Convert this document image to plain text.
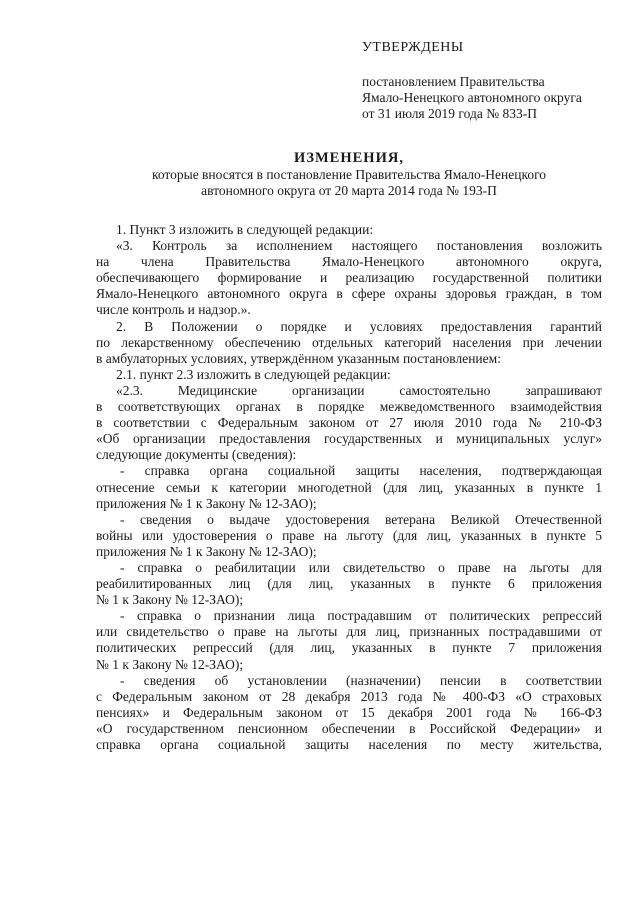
УТВЕРЖДЕНЫ
постановлением Правительства
Ямало-Ненецкого автономного округа
от 31 июля 2019 года № 833-П
ИЗМЕНЕНИЯ,
которые вносятся в постановление Правительства Ямало-Ненецкого
автономного округа от 20 марта 2014 года № 193-П
1. Пункт 3 изложить в следующей редакции:
«3. Контроль за исполнением настоящего постановления возложить
на члена Правительства Ямало-Ненецкого автономного округа,
обеспечивающего формирование и реализацию государственной политики
Ямало-Ненецкого автономного округа в сфере охраны здоровья граждан, в том
числе контроль и надзор.».
2. В Положении о порядке и условиях предоставления гарантий
по лекарственному обеспечению отдельных категорий населения при лечении
в амбулаторных условиях, утверждённом указанным постановлением:
2.1. пункт 2.3 изложить в следующей редакции:
«2.3. Медицинские организации самостоятельно запрашивают
в соответствующих органах в порядке межведомственного взаимодействия
в соответствии с Федеральным законом от 27 июля 2010 года № 210-ФЗ
«Об организации предоставления государственных и муниципальных услуг»
следующие документы (сведения):
- справка органа социальной защиты населения, подтверждающая
отнесение семьи к категории многодетной (для лиц, указанных в пункте 1
приложения № 1 к Закону № 12-ЗАО);
- сведения о выдаче удостоверения ветерана Великой Отечественной
войны или удостоверения о праве на льготу (для лиц, указанных в пункте 5
приложения № 1 к Закону № 12-ЗАО);
- справка о реабилитации или свидетельство о праве на льготы для
реабилитированных лиц (для лиц, указанных в пункте 6 приложения
№ 1 к Закону № 12-ЗАО);
- справка о признании лица пострадавшим от политических репрессий
или свидетельство о праве на льготы для лиц, признанных пострадавшими от
политических репрессий (для лиц, указанных в пункте 7 приложения
№ 1 к Закону № 12-ЗАО);
- сведения об установлении (назначении) пенсии в соответствии
с Федеральным законом от 28 декабря 2013 года № 400-ФЗ «О страховых
пенсиях» и Федеральным законом от 15 декабря 2001 года № 166-ФЗ
«О государственном пенсионном обеспечении в Российской Федерации» и
справка органа социальной защиты населения по месту жительства,
